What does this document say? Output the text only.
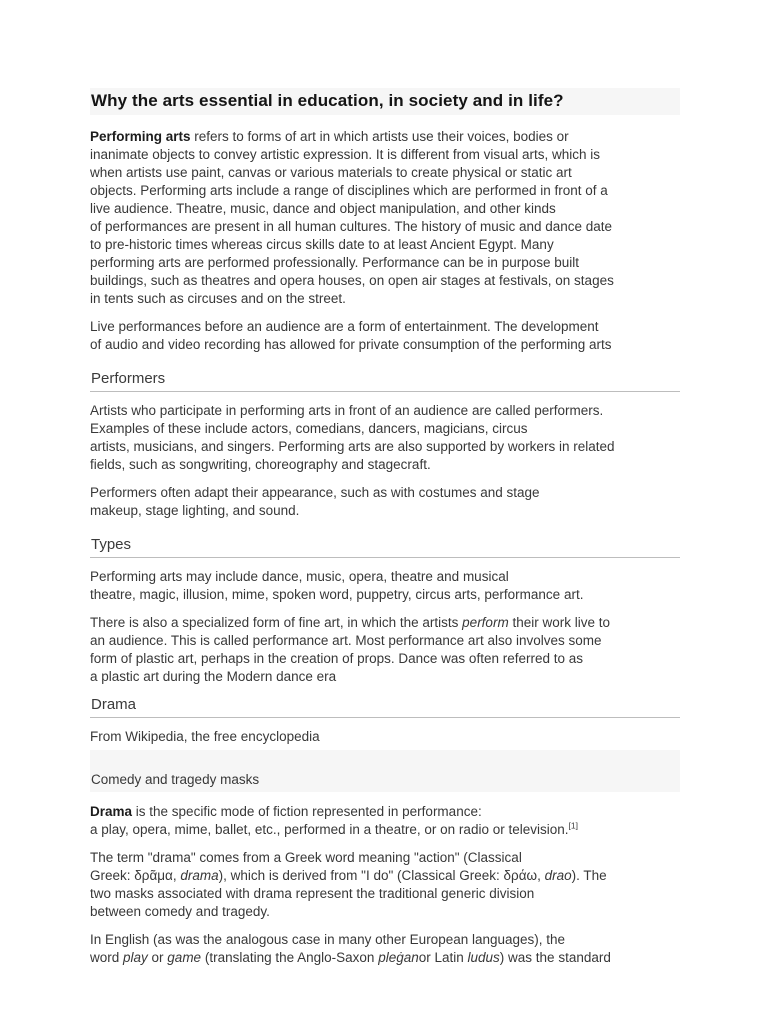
Why the arts essential in education, in society and in life?

Performing arts refers to forms of art in which artists use their voices, bodies or
inanimate objects to convey artistic expression. It is different from visual arts, which is
when artists use paint, canvas or various materials to create physical or static art
objects. Performing arts include a range of disciplines which are performed in front of a
live audience. Theatre, music, dance and object manipulation, and other kinds
of performances are present in all human cultures. The history of music and dance date
to pre-historic times whereas circus skills date to at least Ancient Egypt. Many
performing arts are performed professionally. Performance can be in purpose built
buildings, such as theatres and opera houses, on open air stages at festivals, on stages
in tents such as circuses and on the street.

Live performances before an audience are a form of entertainment. The development
of audio and video recording has allowed for private consumption of the performing arts

Performers

Artists who participate in performing arts in front of an audience are called performers.
Examples of these include actors, comedians, dancers, magicians, circus
artists, musicians, and singers. Performing arts are also supported by workers in related
fields, such as songwriting, choreography and stagecraft.

Performers often adapt their appearance, such as with costumes and stage
makeup, stage lighting, and sound.

Types

Performing arts may include dance, music, opera, theatre and musical
theatre, magic, illusion, mime, spoken word, puppetry, circus arts, performance art.

There is also a specialized form of fine art, in which the artists perform their work live to
an audience. This is called performance art. Most performance art also involves some
form of plastic art, perhaps in the creation of props. Dance was often referred to as
a plastic art during the Modern dance era

Drama

From Wikipedia, the free encyclopedia

Comedy and tragedy masks

Drama is the specific mode of fiction represented in performance:
a play, opera, mime, ballet, etc., performed in a theatre, or on radio or television.[1]

The term "drama" comes from a Greek word meaning "action" (Classical
Greek: δρᾶμα, drama), which is derived from "I do" (Classical Greek: δράω, drao). The
two masks associated with drama represent the traditional generic division
between comedy and tragedy.

In English (as was the analogous case in many other European languages), the
word play or game (translating the Anglo-Saxon pleġanor Latin ludus) was the standard
